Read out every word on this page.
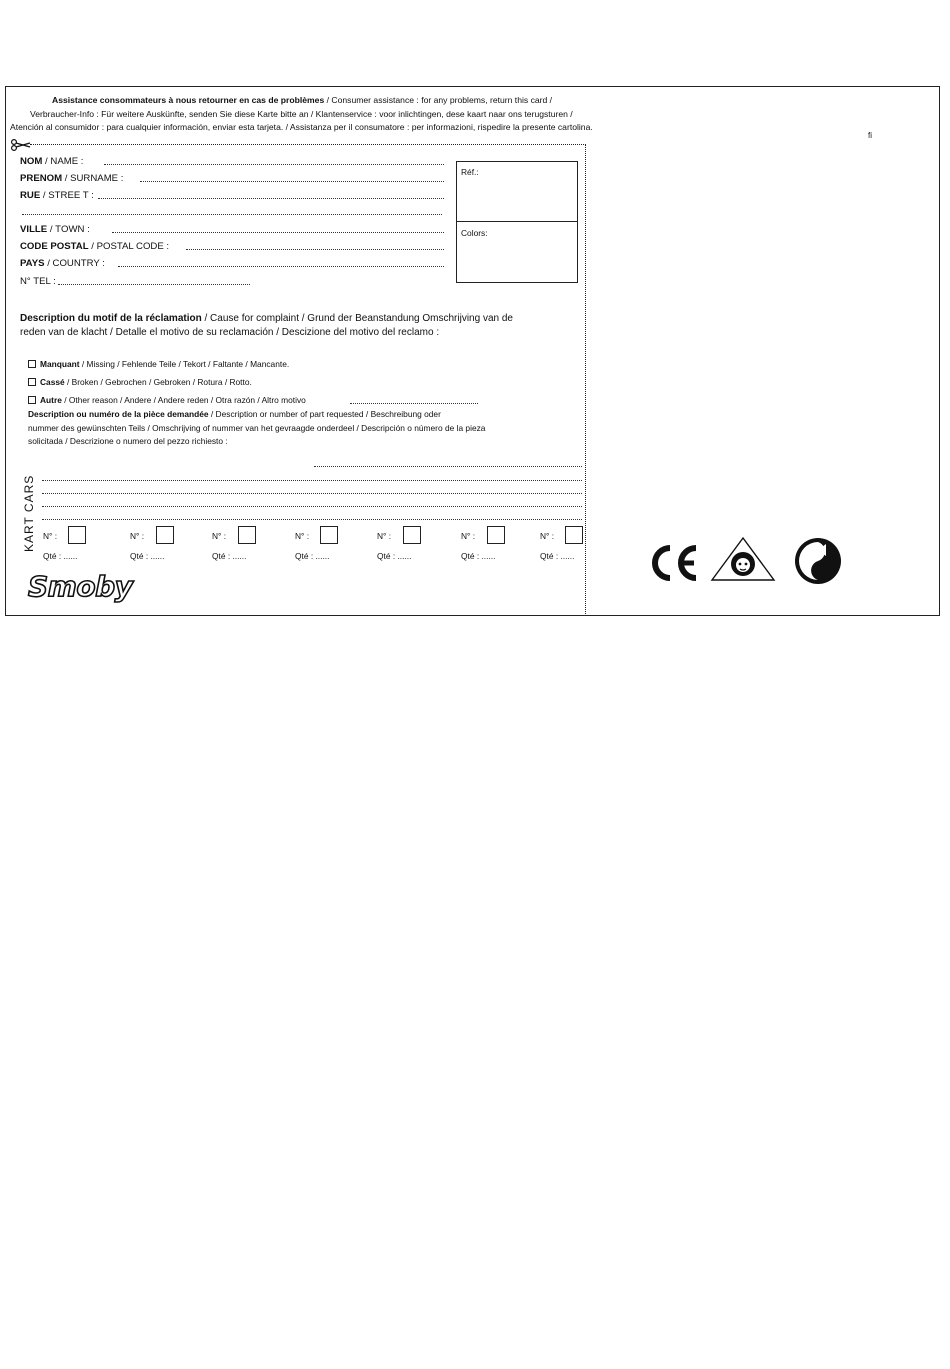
Assistance consommateurs à nous retourner en cas de problèmes / Consumer assistance : for any problems, return this card /
Verbraucher-Info : Für weitere Auskünfte, senden Sie diese Karte bitte an / Klantenservice : voor inlichtingen, dese kaart naar ons terugsturen /
Atención al consumidor : para cualquier información, enviar esta tarjeta. / Assistanza per il consumatore : per informazioni, rispedire la presente cartolina.
ﬁ
NOM / NAME :
PRENOM / SURNAME :
RUE / STREE T :
VILLE / ΤOWN :
CODE POSTAL / POSTAL CODE :
PAYS / COUNTRY :
N° TEL :
Réf.:
Colors:
Description du motif de la réclamation / Cause for complaint / Grund der Beanstandung Omschrijving van de
reden van de klacht / Detalle el motivo de su reclamación / Descizione del motivo del reclamo :
Manquant / Missing / Fehlende Teile / Tekort / Faltante / Mancante.
Cassé / Broken / Gebrochen / Gebroken / Rotura / Rotto.
Autre / Other reason / Andere / Andere reden / Otra razón / Altro motivo
Description ou numéro de la pièce demandée / Description or number of part requested / Beschreibung oder
nummer des gewünschten Teils / Omschrijving of nummer van het gevraagde onderdeel / Descripción o número de la pieza
solicitada / Descrizione o numero del pezzo richiesto :
KART CARS N° :
Qté : ......
N° :
Qté : ......
N° :
Qté : ......
N° :
Qté : ......
N° :
Qté : ......
N° :
Qté : ......
N° :
Qté : ......
Smoby
